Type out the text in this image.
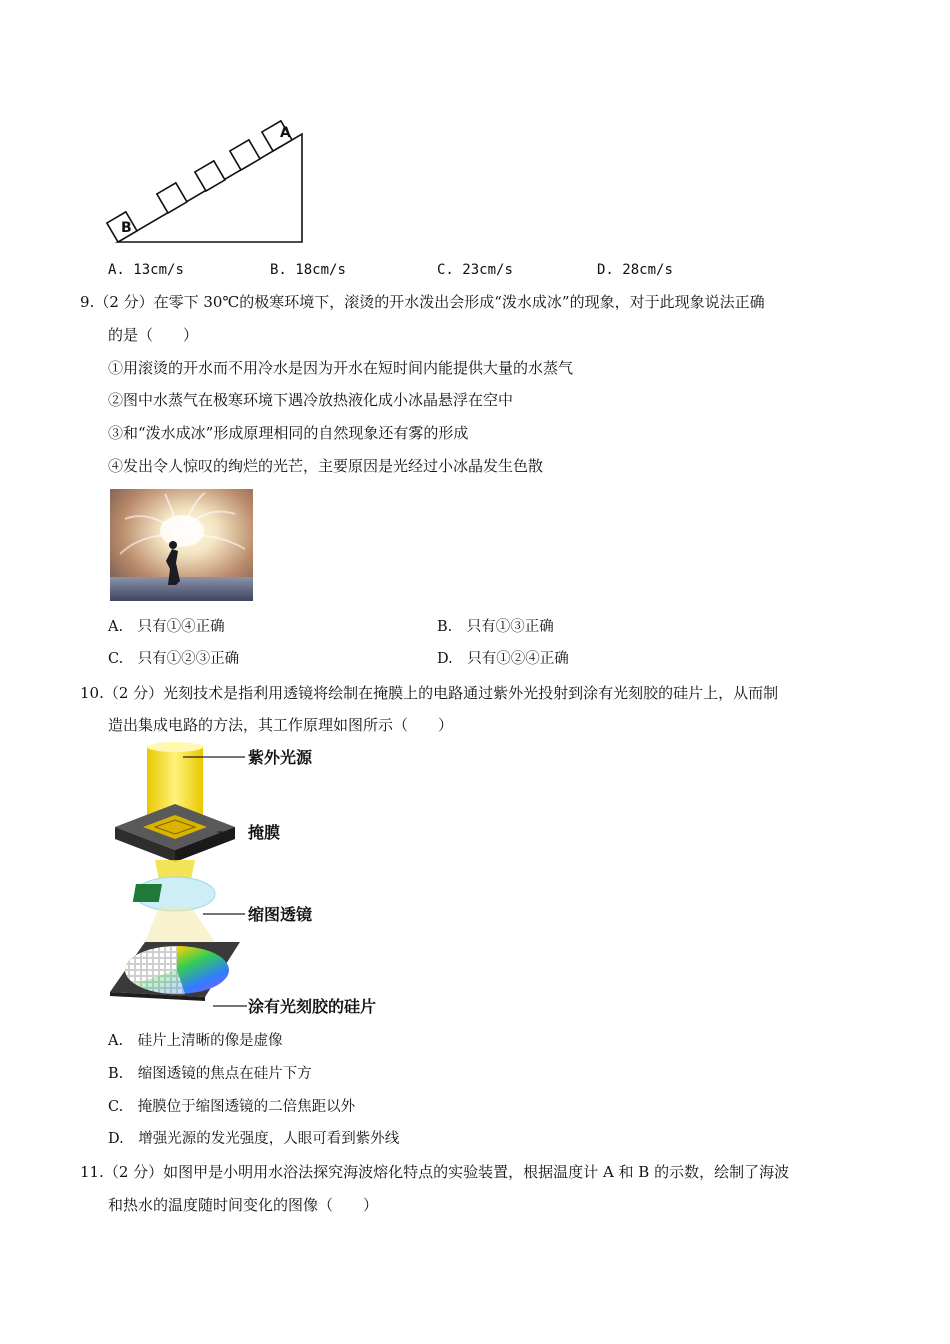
A
B
A. 13cm/s	B. 18cm/s	C. 23cm/s	D. 28cm/s
9.（2 分）在零下 30℃的极寒环境下，滚烫的开水泼出会形成“泼水成冰”的现象，对于此现象说法正确
的是（　　）
①用滚烫的开水而不用冷水是因为开水在短时间内能提供大量的水蒸气
②图中水蒸气在极寒环境下遇冷放热液化成小冰晶悬浮在空中
③和“泼水成冰”形成原理相同的自然现象还有雾的形成
④发出令人惊叹的绚烂的光芒，主要原因是光经过小冰晶发生色散
A.　 只有①④正确	B.　 只有①③正确
C.　 只有①②③正确	D.　 只有①②④正确
10.（2 分）光刻技术是指利用透镜将绘制在掩膜上的电路通过紫外光投射到涂有光刻胶的硅片上，从而制
造出集成电路的方法，其工作原理如图所示（　　）
紫外光源
掩膜
缩图透镜
涂有光刻胶的硅片
A.　 硅片上清晰的像是虚像
B.　 缩图透镜的焦点在硅片下方
C.　 掩膜位于缩图透镜的二倍焦距以外
D.　 增强光源的发光强度，人眼可看到紫外线
11.（2 分）如图甲是小明用水浴法探究海波熔化特点的实验装置，根据温度计 A 和 B 的示数，绘制了海波
和热水的温度随时间变化的图像（　　）
